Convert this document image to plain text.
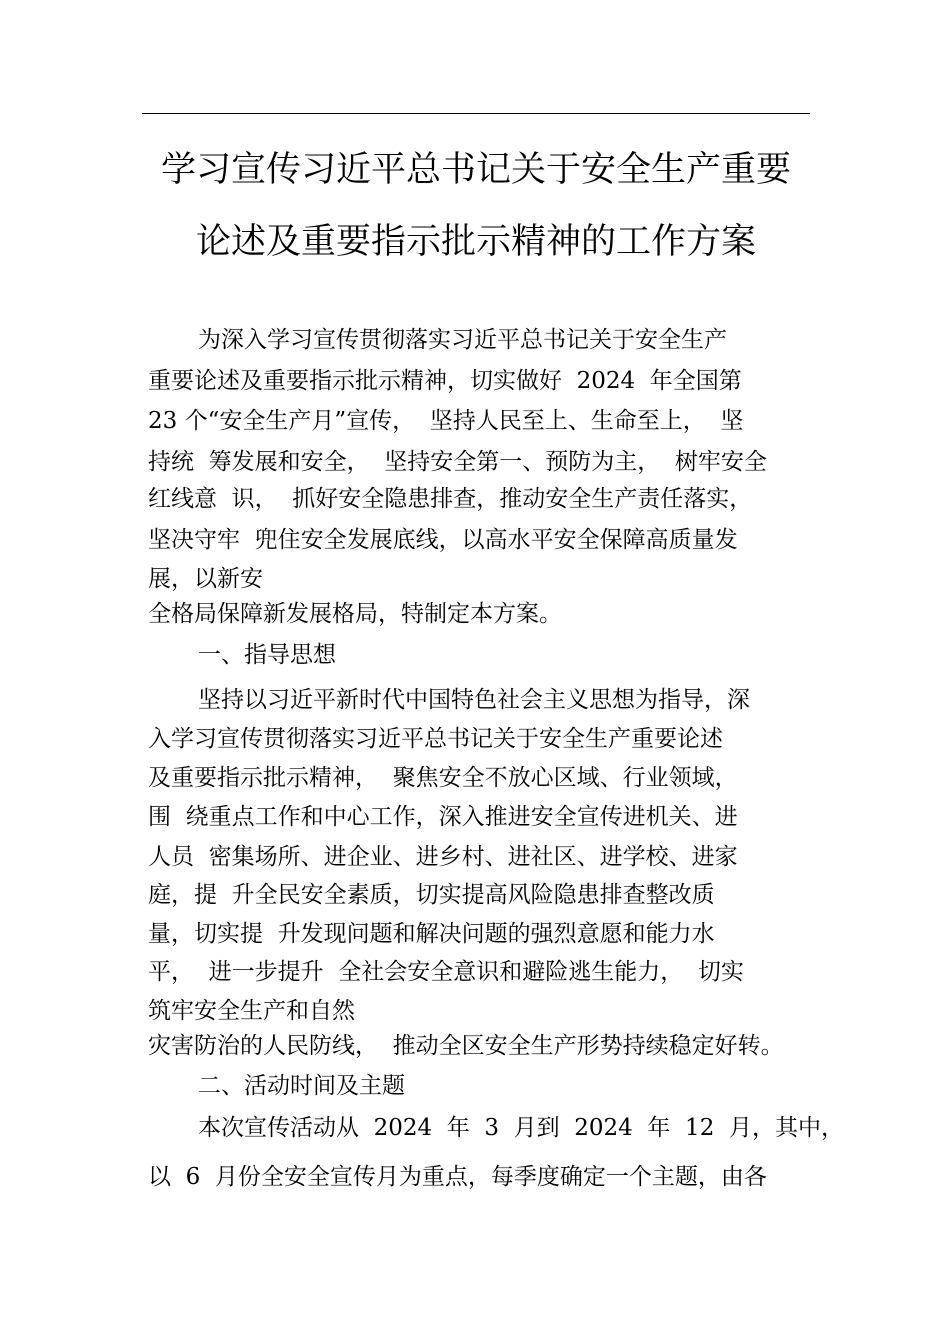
学习宣传习近平总书记关于安全生产重要
论述及重要指示批示精神的工作方案
为深入学习宣传贯彻落实习近平总书记关于安全生产
重要论述及重要指示批示精神，切实做好  2024  年全国第
23 个“安全生产月”宣传，  坚持人民至上、生命至上，  坚
持统  筹发展和安全，  坚持安全第一、预防为主，  树牢安全
红线意  识，  抓好安全隐患排查，推动安全生产责任落实，
坚决守牢  兜住安全发展底线，以高水平安全保障高质量发
展，以新安
全格局保障新发展格局，特制定本方案。
一、指导思想
坚持以习近平新时代中国特色社会主义思想为指导，深
入学习宣传贯彻落实习近平总书记关于安全生产重要论述
及重要指示批示精神，  聚焦安全不放心区域、行业领域，
围  绕重点工作和中心工作，深入推进安全宣传进机关、进
人员  密集场所、进企业、进乡村、进社区、进学校、进家
庭，提  升全民安全素质，切实提高风险隐患排查整改质
量，切实提  升发现问题和解决问题的强烈意愿和能力水
平，  进一步提升  全社会安全意识和避险逃生能力，  切实
筑牢安全生产和自然
灾害防治的人民防线，  推动全区安全生产形势持续稳定好转。
二、活动时间及主题
本次宣传活动从  2024  年  3  月到  2024  年  12  月，其中，
以  6  月份全安全宣传月为重点，每季度确定一个主题，由各
